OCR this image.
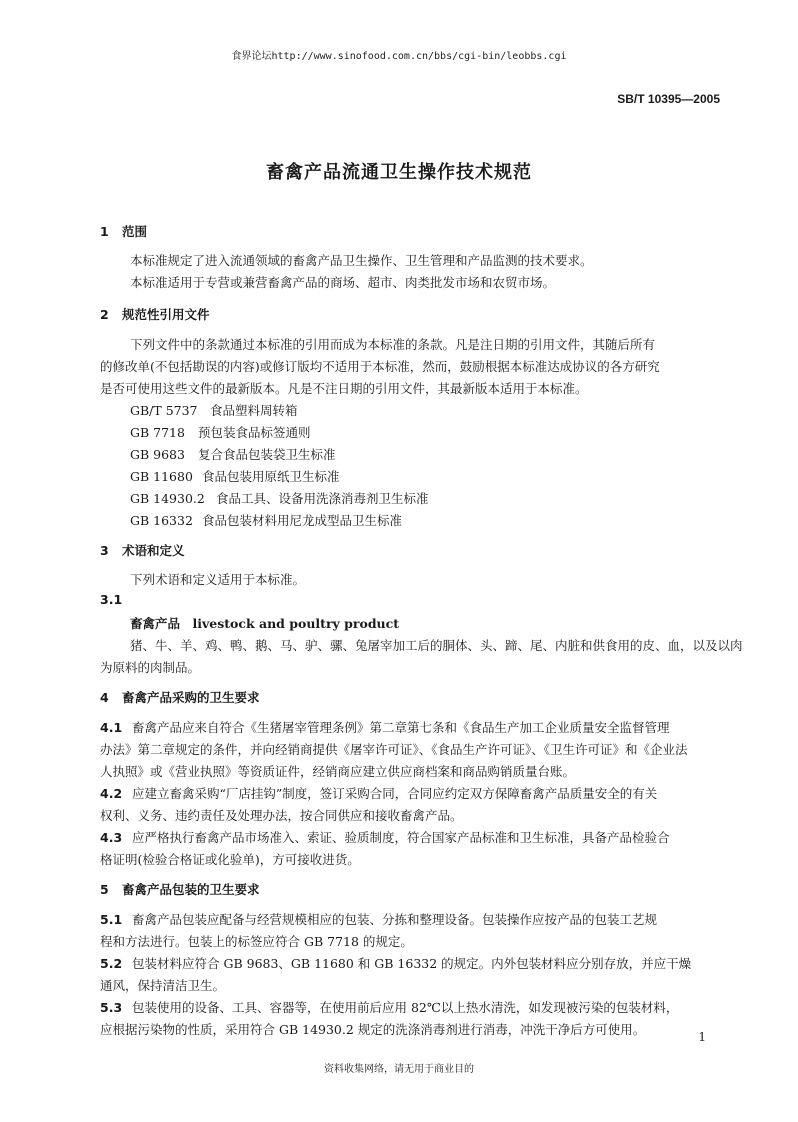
食界论坛http://www.sinofood.com.cn/bbs/cgi-bin/leobbs.cgi
SB/T 10395—2005
畜禽产品流通卫生操作技术规范
1 范围
本标准规定了进入流通领域的畜禽产品卫生操作、卫生管理和产品监测的技术要求。
本标准适用于专营或兼营畜禽产品的商场、超市、肉类批发市场和农贸市场。
2 规范性引用文件
下列文件中的条款通过本标准的引用而成为本标准的条款。凡是注日期的引用文件，其随后所有
的修改单(不包括勘误的内容)或修订版均不适用于本标准，然而，鼓励根据本标准达成协议的各方研究
是否可使用这些文件的最新版本。凡是不注日期的引用文件，其最新版本适用于本标准。
GB/T 5737 食品塑料周转箱
GB 7718 预包装食品标签通则
GB 9683 复合食品包装袋卫生标准
GB 11680 食品包装用原纸卫生标准
GB 14930.2 食品工具、设备用洗涤消毒剂卫生标准
GB 16332 食品包装材料用尼龙成型品卫生标准
3 术语和定义
下列术语和定义适用于本标准。
3.1
畜禽产品　livestock and poultry product
猪、牛、羊、鸡、鸭、鹅、马、驴、骡、兔屠宰加工后的胴体、头、蹄、尾、内脏和供食用的皮、血，以及以肉
为原料的肉制品。
4 畜禽产品采购的卫生要求
4.1 畜禽产品应来自符合《生猪屠宰管理条例》第二章第七条和《食品生产加工企业质量安全监督管理
办法》第二章规定的条件，并向经销商提供《屠宰许可证》、《食品生产许可证》、《卫生许可证》和《企业法
人执照》或《营业执照》等资质证件，经销商应建立供应商档案和商品购销质量台账。
4.2 应建立畜禽采购“厂店挂钩”制度，签订采购合同，合同应约定双方保障畜禽产品质量安全的有关
权利、义务、违约责任及处理办法，按合同供应和接收畜禽产品。
4.3 应严格执行畜禽产品市场准入、索证、验质制度，符合国家产品标准和卫生标准，具备产品检验合
格证明(检验合格证或化验单)，方可接收进货。
5 畜禽产品包装的卫生要求
5.1 畜禽产品包装应配备与经营规模相应的包装、分拣和整理设备。包装操作应按产品的包装工艺规
程和方法进行。包装上的标签应符合 GB 7718 的规定。
5.2 包装材料应符合 GB 9683、GB 11680 和 GB 16332 的规定。内外包装材料应分别存放，并应干燥
通风，保持清洁卫生。
5.3 包装使用的设备、工具、容器等，在使用前后应用 82℃以上热水清洗，如发现被污染的包装材料，
应根据污染物的性质，采用符合 GB 14930.2 规定的洗涤消毒剂进行消毒，冲洗干净后方可使用。	1
资料收集网络，请无用于商业目的
